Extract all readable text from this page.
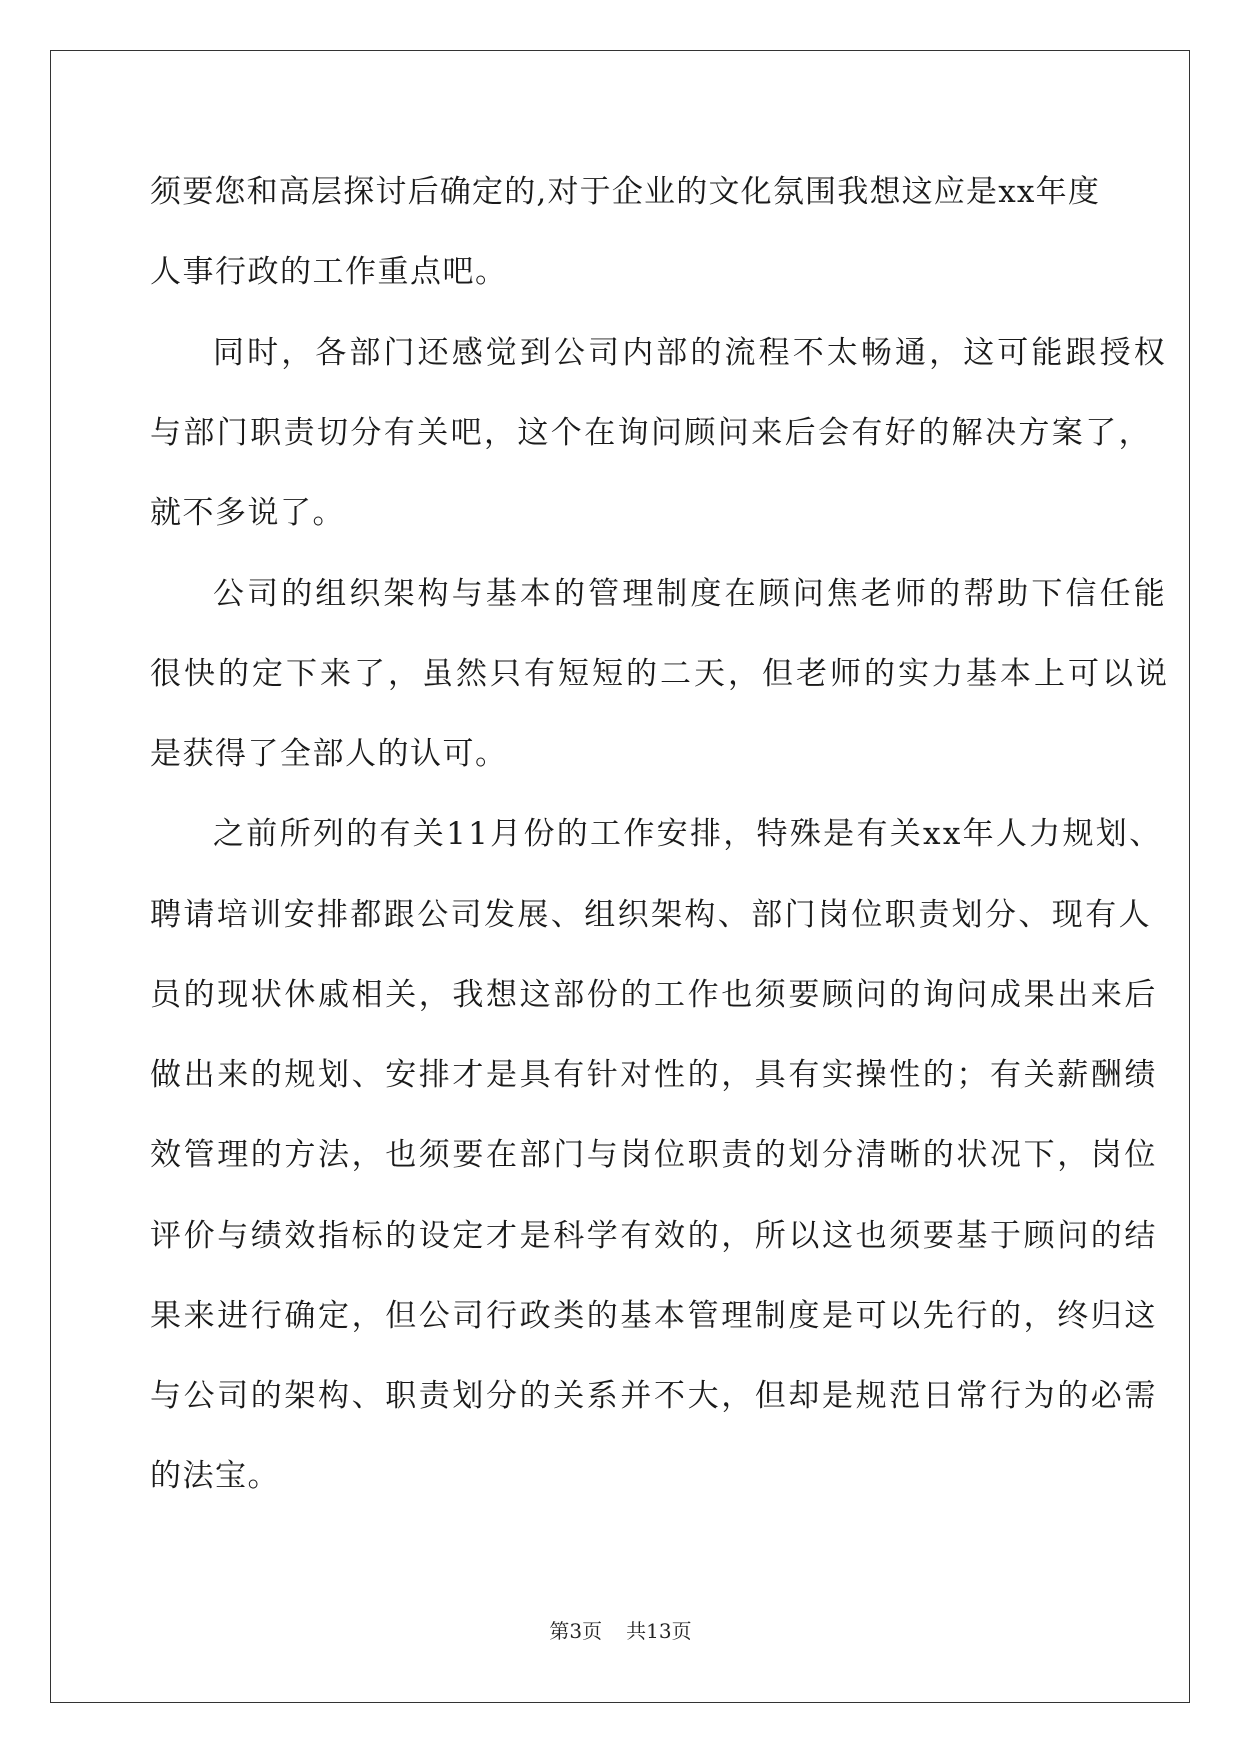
须要您和高层探讨后确定的,对于企业的文化氛围我想这应是xx年度
人事行政的工作重点吧。
同时，各部门还感觉到公司内部的流程不太畅通，这可能跟授权
与部门职责切分有关吧，这个在询问顾问来后会有好的解决方案了，
就不多说了。
公司的组织架构与基本的管理制度在顾问焦老师的帮助下信任能
很快的定下来了，虽然只有短短的二天，但老师的实力基本上可以说
是获得了全部人的认可。
之前所列的有关11月份的工作安排，特殊是有关xx年人力规划、
聘请培训安排都跟公司发展、组织架构、部门岗位职责划分、现有人
员的现状休戚相关，我想这部份的工作也须要顾问的询问成果出来后
做出来的规划、安排才是具有针对性的，具有实操性的；有关薪酬绩
效管理的方法，也须要在部门与岗位职责的划分清晰的状况下，岗位
评价与绩效指标的设定才是科学有效的，所以这也须要基于顾问的结
果来进行确定，但公司行政类的基本管理制度是可以先行的，终归这
与公司的架构、职责划分的关系并不大，但却是规范日常行为的必需
的法宝。
第3页 共13页
